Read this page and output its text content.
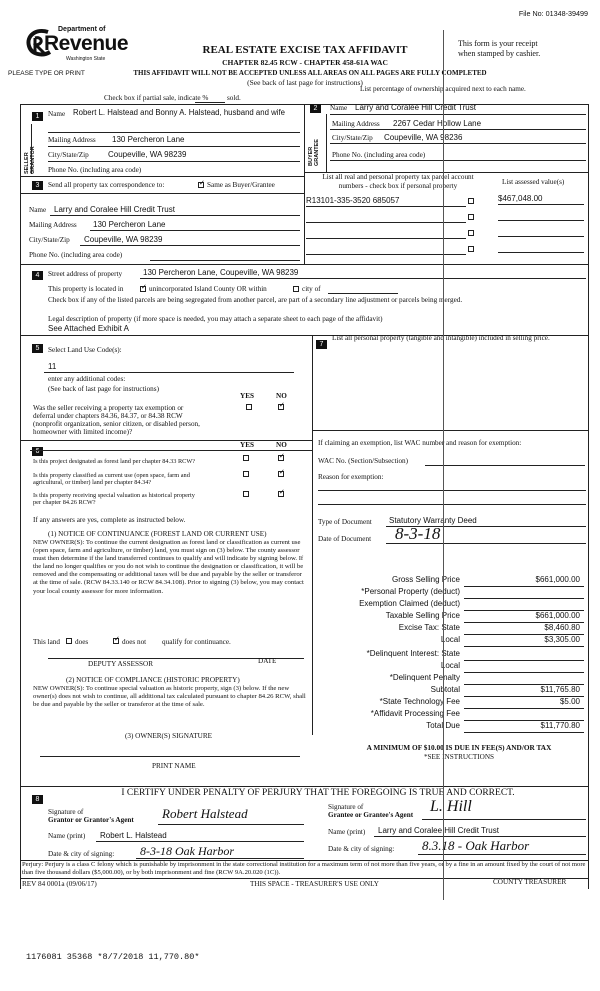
File No: 01348-39499
Department of
Revenue
Washington State
PLEASE TYPE OR PRINT
REAL ESTATE EXCISE TAX AFFIDAVIT
CHAPTER 82.45 RCW - CHAPTER 458-61A WAC
This form is your receipt
when stamped by cashier.
THIS AFFIDAVIT WILL NOT BE ACCEPTED UNLESS ALL AREAS ON ALL PAGES ARE FULLY COMPLETED
(See back of last page for instructions)
Check box if partial sale, indicate %	sold.
List percentage of ownership acquired next to each name.
1
SELLER GRANTOR
Name Robert L. Halstead and Bonny A. Halstead, husband and wife
Mailing Address 130 Percheron Lane
City/State/Zip Coupeville, WA 98239
Phone No. (including area code)
2
BUYER GRANTEE
Name Larry and Coralee Hill Credit Trust
Mailing Address 2267 Cedar Hollow Lane
City/State/Zip Coupeville, WA 98236
Phone No. (including area code)
3	Send all property tax correspondence to:	✓ Same as Buyer/Grantee
Name Larry and Coralee Hill Credit Trust
Mailing Address 130 Percheron Lane
City/State/Zip Coupeville, WA 98239
Phone No. (including area code)
List all real and personal property tax parcel account
numbers - check box if personal property	List assessed value(s)
R13101-335-3520 685057	$467,048.00
4	Street address of property	130 Percheron Lane, Coupeville, WA 98239
This property is located in	✓ unincorporated Island County OR within	city of
Check box if any of the listed parcels are being segregated from another parcel, are part of a secondary line adjustment or parcels being merged.
Legal description of property (if more space is needed, you may attach a separate sheet to each page of the affidavit)
See Attached Exhibit A
5	Select Land Use Code(s):
11
enter any additional codes:
(See back of last page for instructions)
YES	NO
Was the seller receiving a property tax exemption or
deferral under chapters 84.36, 84.37, or 84.38 RCW
(nonprofit organization, senior citizen, or disabled person,
homeowner with limited income)?
✓
7
List all personal property (tangible and intangible) included in selling price.
6
YES	NO
Is this project designated as forest land per chapter 84.33 RCW?
✓
Is this property classified as current use (open space, farm and
agricultural, or timber) land per chapter 84.34?
✓
Is this property receiving special valuation as historical property
per chapter 84.26 RCW?
✓
If any answers are yes, complete as instructed below.
(1) NOTICE OF CONTINUANCE (FOREST LAND OR CURRENT USE)
NEW OWNER(S): To continue the current designation as forest land or classification as current use (open space, farm and agriculture, or timber) land, you must sign on (3) below. The county assessor must then determine if the land transferred continues to qualify and will indicate by signing below. If the land no longer qualifies or you do not wish to continue the designation or classification, it will be removed and the compensating or additional taxes will be due and payable by the seller or transferor at the time of sale. (RCW 84.33.140 or RCW 84.34.108). Prior to signing (3) below, you may contact your local county assessor for more information.
This land does	✓ does not qualify for continuance.
DEPUTY ASSESSOR	DATE
(2) NOTICE OF COMPLIANCE (HISTORIC PROPERTY)
NEW OWNER(S): To continue special valuation as historic property, sign (3) below. If the new owner(s) does not wish to continue, all additional tax calculated pursuant to chapter 84.26 RCW, shall be due and payable by the seller or transferor at the time of sale.
(3) OWNER(S) SIGNATURE
PRINT NAME
If claiming an exemption, list WAC number and reason for exemption:
WAC No. (Section/Subsection)
Reason for exemption:
Type of Document Statutory Warranty Deed
Date of Document 8-3-18
Gross Selling Price	$661,000.00
*Personal Property (deduct)
Exemption Claimed (deduct)
Taxable Selling Price	$661,000.00
Excise Tax: State	$8,460.80
Local	$3,305.00
*Delinquent Interest: State
Local
*Delinquent Penalty
Subtotal	$11,765.80
*State Technology Fee	$5.00
*Affidavit Processing Fee
Total Due	$11,770.80
A MINIMUM OF $10.00 IS DUE IN FEE(S) AND/OR TAX
*SEE INSTRUCTIONS
8
I CERTIFY UNDER PENALTY OF PERJURY THAT THE FOREGOING IS TRUE AND CORRECT.
Signature of
Grantor or Grantor's Agent Robert Halstead	Signature of
Grantee or Grantee's Agent L. Hill
Name (print) Robert L. Halstead	Name (print) Larry and Coralee Hill Credit Trust
Date & city of signing: 8-3-18 Oak Harbor	Date & city of signing: 8.3.18 - Oak Harbor
Perjury: Perjury is a class C felony which is punishable by imprisonment in the state correctional institution for a maximum term of not more than five years, or by a fine in an amount fixed by the court of not more than five thousand dollars ($5,000.00), or by both imprisonment and fine (RCW 9A.20.020 (1C)).
REV 84 0001a (09/06/17)	THIS SPACE - TREASURER'S USE ONLY	COUNTY TREASURER
1176081 35368 *8/7/2018 11,770.80*
